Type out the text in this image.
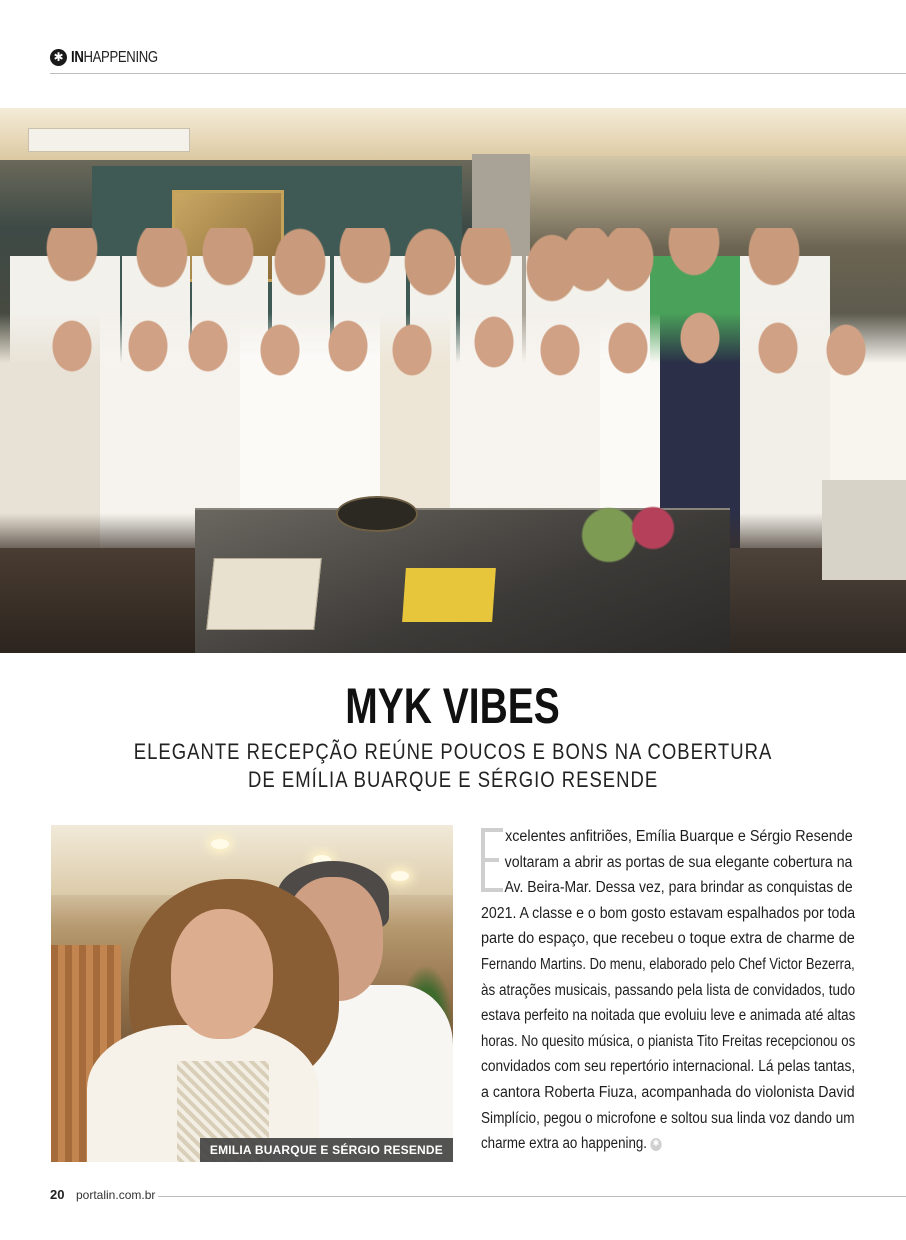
✱ INHAPPENING
MYK VIBES
ELEGANTE RECEPÇÃO REÚNE POUCOS E BONS NA COBERTURA
DE EMÍLIA BUARQUE E SÉRGIO RESENDE
EMILIA BUARQUE E SÉRGIO RESENDE

xcelentes anfitriões, Emília Buarque e Sérgio Resende
voltaram a abrir as portas de sua elegante cobertura na
Av. Beira-Mar. Dessa vez, para brindar as conquistas de
2021. A classe e o bom gosto estavam espalhados por toda
parte do espaço, que recebeu o toque extra de charme de
Fernando Martins. Do menu, elaborado pelo Chef Victor Bezerra,
às atrações musicais, passando pela lista de convidados, tudo
estava perfeito na noitada que evoluiu leve e animada até altas
horas. No quesito música, o pianista Tito Freitas recepcionou os
convidados com seu repertório internacional. Lá pelas tantas,
a cantora Roberta Fiuza, acompanhada do violonista David
Simplício, pegou o microfone e soltou sua linda voz dando um
charme extra ao happening. ✱

20 portalin.com.br
